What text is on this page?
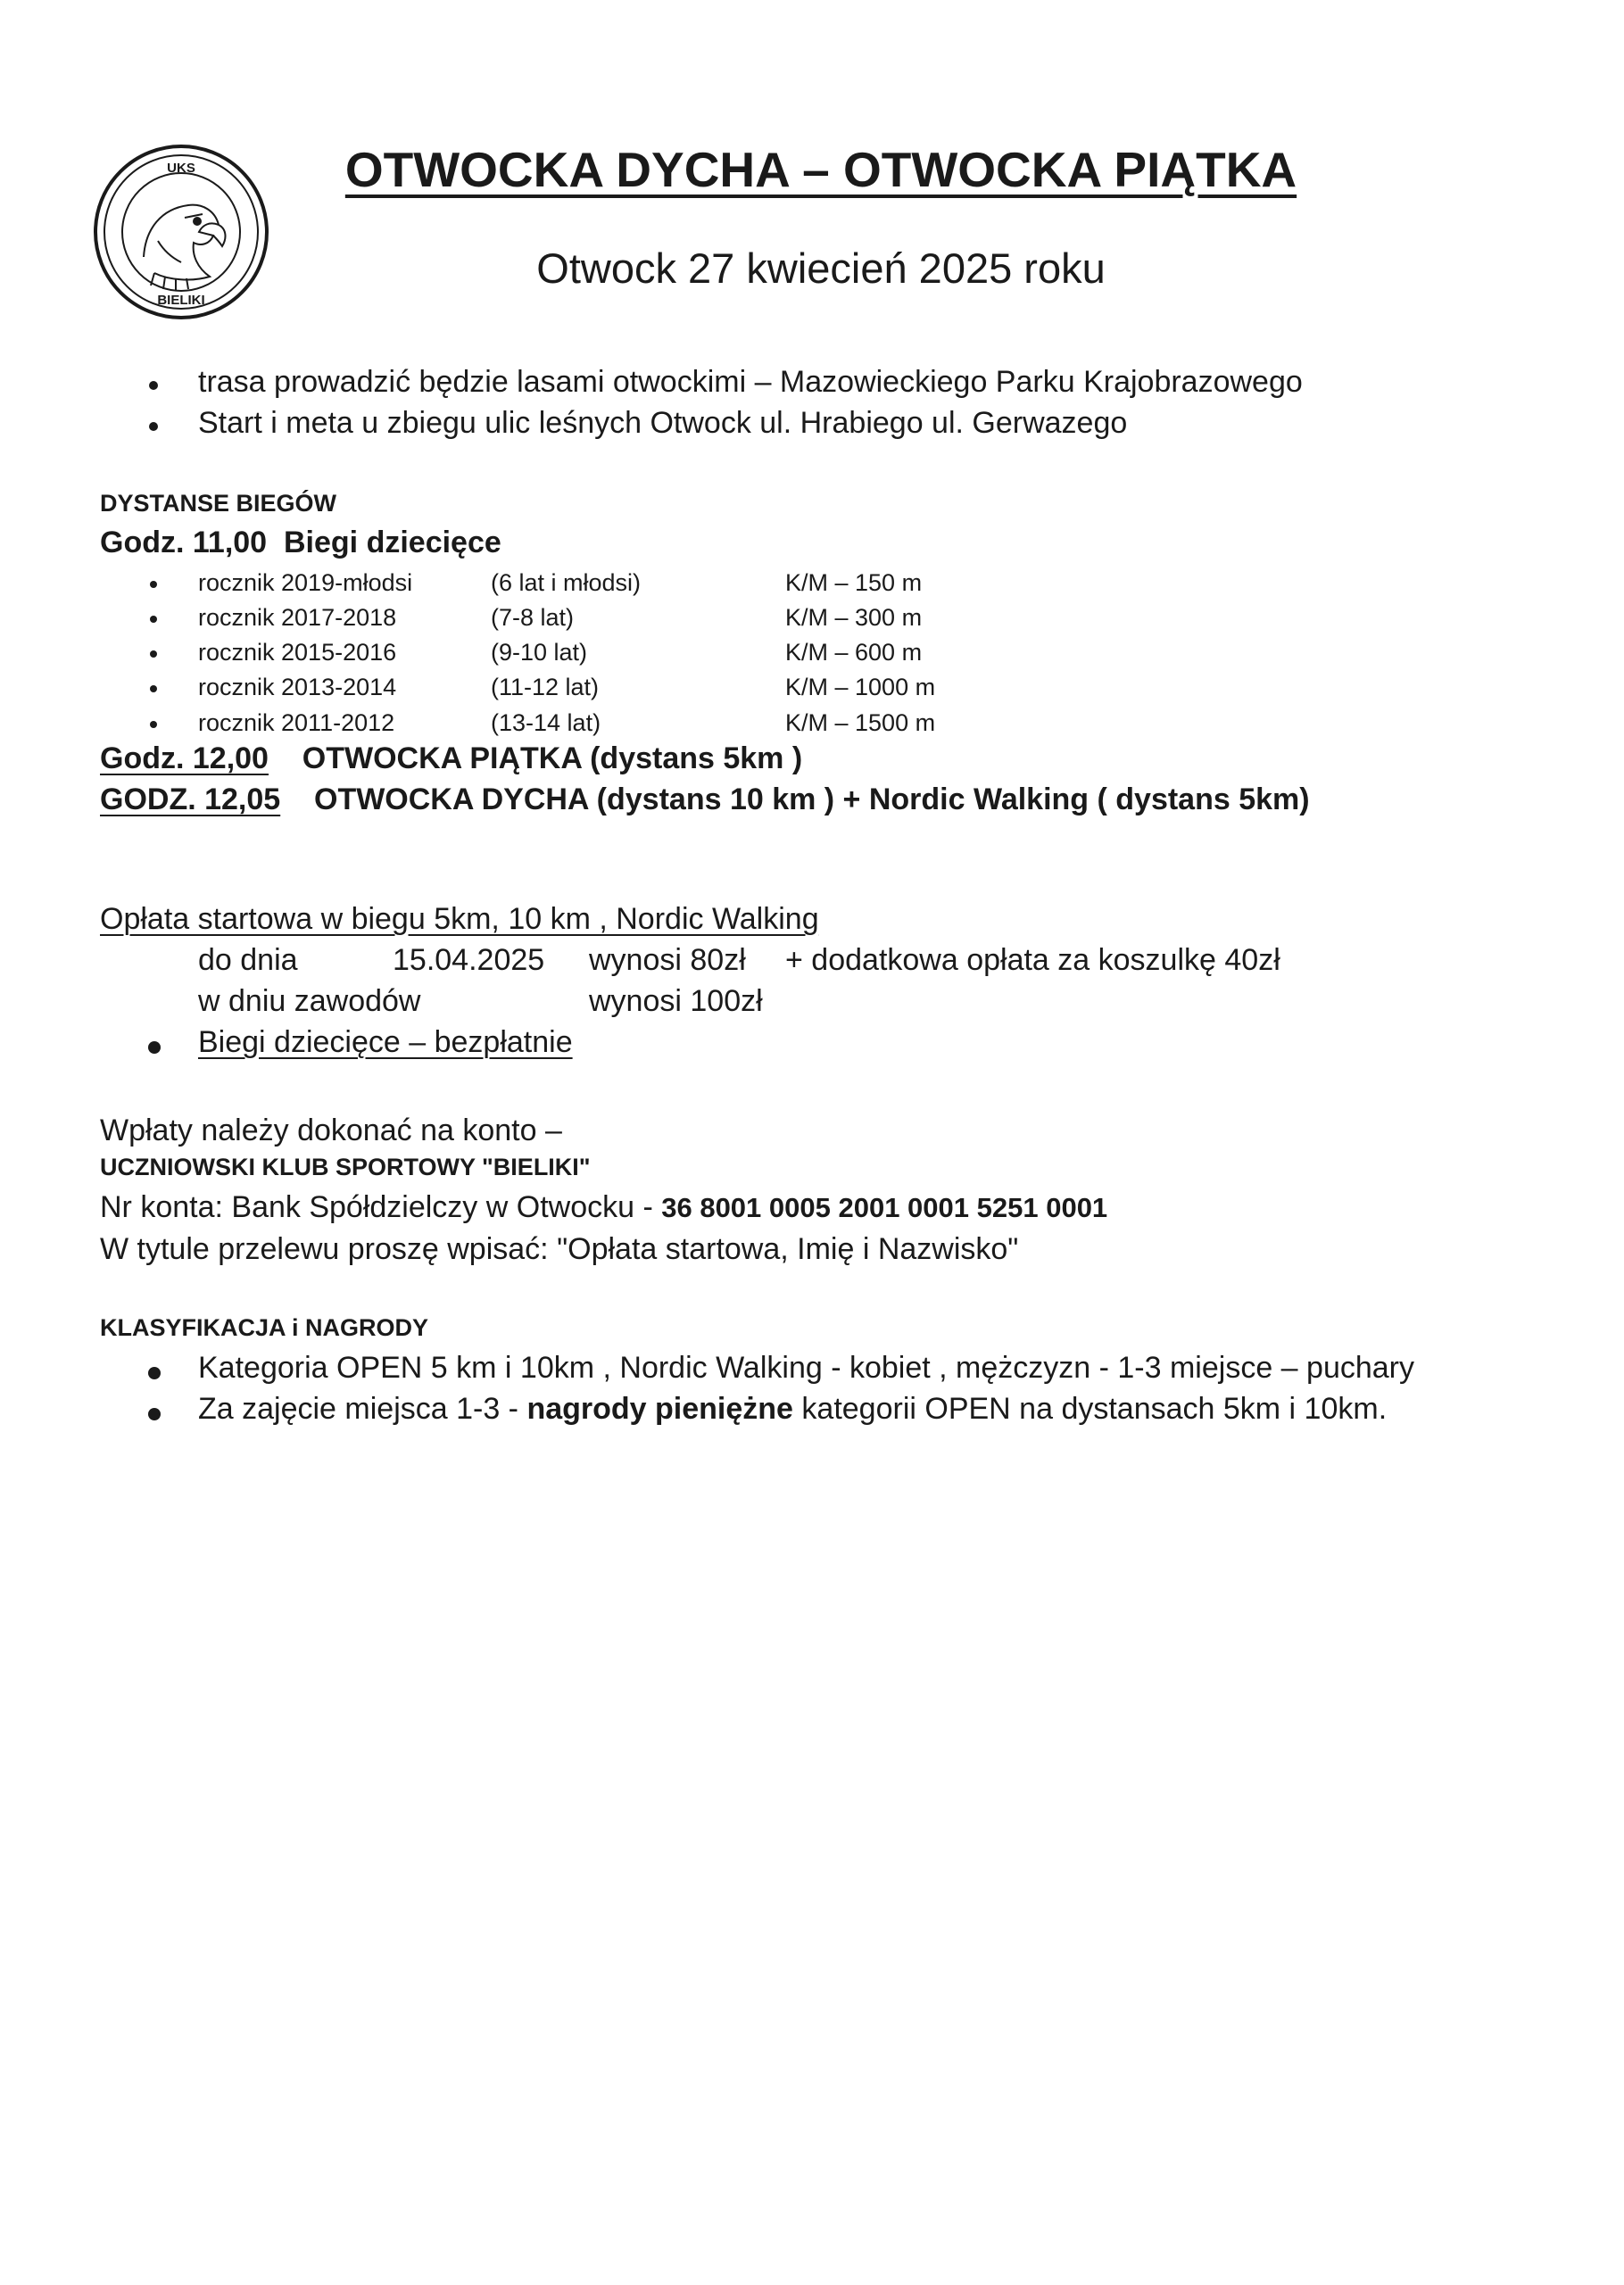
UKS
BIELIKI
OTWOCKA DYCHA – OTWOCKA PIĄTKA
Otwock 27 kwiecień 2025 roku
trasa prowadzić będzie lasami otwockimi – Mazowieckiego Parku Krajobrazowego
Start i meta u zbiegu ulic leśnych Otwock ul. Hrabiego ul. Gerwazego
DYSTANSE BIEGÓW
Godz. 11,00 Biegi dziecięce
rocznik 2019-młodsi	(6 lat i młodsi)	K/M – 150 m
rocznik 2017-2018	(7-8 lat)	K/M – 300 m
rocznik 2015-2016	(9-10 lat)	K/M – 600 m
rocznik 2013-2014	(11-12 lat)	K/M – 1000 m
rocznik 2011-2012	(13-14 lat)	K/M – 1500 m
Godz. 12,00 OTWOCKA PIĄTKA (dystans 5km )
GODZ. 12,05 OTWOCKA DYCHA (dystans 10 km ) + Nordic Walking ( dystans 5km)
Opłata startowa w biegu 5km, 10 km , Nordic Walking
do dnia	15.04.2025 wynosi 80zł + dodatkowa opłata za koszulkę 40zł
w dniu zawodów	wynosi 100zł
Biegi dziecięce – bezpłatnie
Wpłaty należy dokonać na konto –
UCZNIOWSKI KLUB SPORTOWY "BIELIKI"
Nr konta: Bank Spółdzielczy w Otwocku - 36 8001 0005 2001 0001 5251 0001
W tytule przelewu proszę wpisać: "Opłata startowa, Imię i Nazwisko"
KLASYFIKACJA i NAGRODY
Kategoria OPEN 5 km i 10km , Nordic Walking - kobiet , mężczyzn - 1-3 miejsce – puchary
Za zajęcie miejsca 1-3 - nagrody pieniężne kategorii OPEN na dystansach 5km i 10km.
